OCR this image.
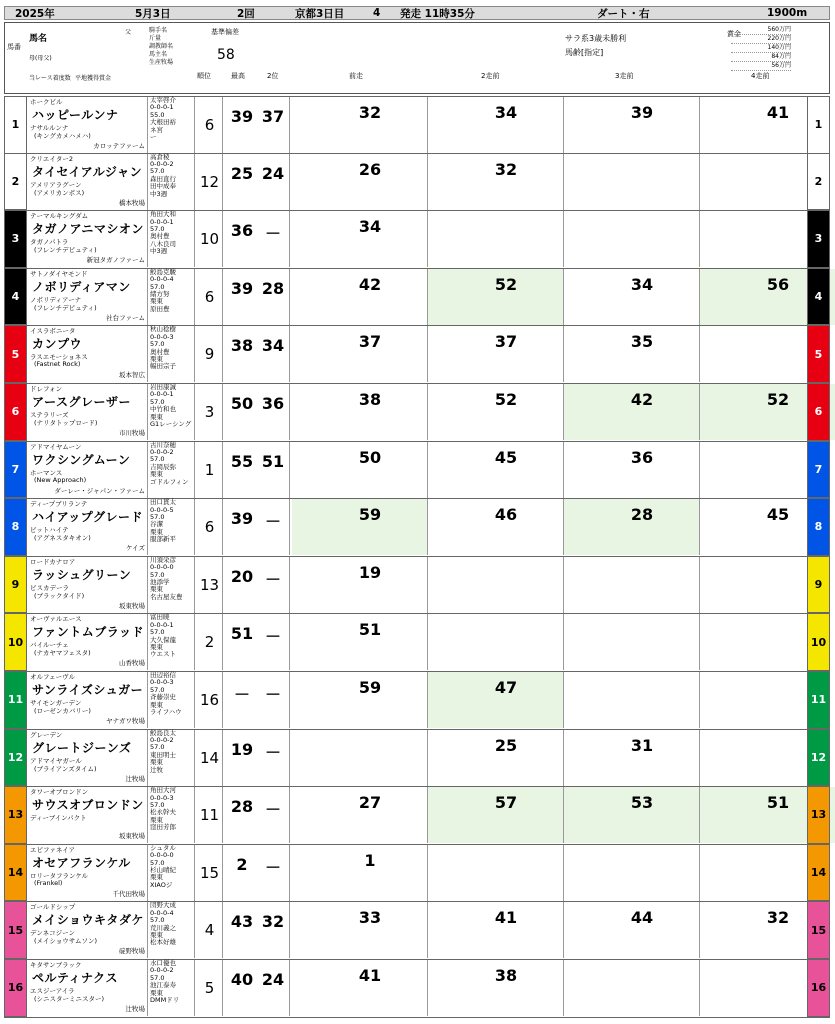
2025年	5月3日	2回	京都3日目	4 発走 11時35分	ダート・右	1900m
馬番
馬名
父
母(母父)
当レース着度数 平地獲得賞金
騎手名
斤量
調教師名
馬主名
生産牧場
順位
基準偏差
58
最高	2位	前走	2走前	3走前	4走前
サラ系3歳未勝利
馬齢[指定]
賞金
560万円
220万円
140万円
84万円
56万円
1
ホークビル
ハッピールンナ
ナサルルンナ
(キングカメハメハ)
カロッテファーム
太宰啓介
0-0-0-1
55.0
大根田裕
ネ宮
ー
6	39 37	32	34	39	41
1
2
クリエイター2
タイセイアルジャン
アメリアラグーン
(アメリカンボス)
橋本牧場
高倉稜
0-0-0-2
57.0
森田直行
田中成奉
中3週
12 25 24	26	32
2
3
テーマルキングダム
タガノアニマシオン
タガノパトラ
(フレンチデピュティ)
新冠タガノファーム
角田大和
0-0-0-1
57.0
奥村豊
八木良司
中3週
10 36 －	34
3
4
サトノダイヤモンド
ノボリディアマン
ノボリディアーナ
(フレンチデピュティ)
社台ファーム
鮫島克駿
0-0-0-4
57.0
緒方努
栗東
原田豊
6	39 28	42	52	34	56
4
5
イスラボニータ
カンプウ
ラスエモーショネス
(Fastnet Rock)
坂本智広
秋山稔樹
0-0-0-3
57.0
奥村豊
栗東
幅田宗子
9	38 34	37	37	35
5
6
ドレフォン
アースグレーザー
ステラリーズ
(ナリタトップロード)
市川牧場
岩田康誠
0-0-0-1
57.0
中竹和也
栗東
G1レーシング
3	50 36	38	52	42	52
6
7
アドマイヤムーン
ワクシングムーン
ホーマンス
(New Approach)
ダーレー・ジャパン・ファーム
古川奈穂
0-0-0-2
57.0
吉岡辰弥
栗東
ゴドルフィン
1	55 51	50	45	36
7
8
ディープブリランテ
ハイアップグレード
ビットハイテ
(アグネスタキオン)
ケイズ
田口貫太
0-0-0-5
57.0
谷潔
栗東
服部新平
6	39 －	59	46	28	45
8
9
ロードカナロア
ラッシュグリーン
ビスカデーラ
(ブラックタイド)
坂東牧場
川須栄彦
0-0-0-0
57.0
池添学
栗東
名古屋友豊
13 20 －	19
9
10
オーヴァルエース
ファントムブラッド
バイルーチェ
(ナカヤマフェスタ)
山香牧場
富田暁
0-0-0-1
57.0
大久保龍
栗東
ウエスト
2	51 －	51
10
11
オルフェーヴル
サンライズシュガー
サイモンガーデン
(ローゼンカバリー)
ヤナガワ牧場
田辺裕信
0-0-0-3
57.0
斉藤崇史
栗東
ライフハウ
16 － －	59	47
11
12
グレーデン
グレートジーンズ
アドマイヤガール
(ブライアンズタイム)
辻牧場
鮫島良太
0-0-0-2
57.0
東田明士
栗東
辻牧
14 19 －	25	31
12
13
タワーオブロンドン
サウスオブロンドン
ディーブインパクト
坂東牧場
角田大河
0-0-0-3
57.0
松永幹夫
栗東
窪田芳郎
11 28 －	27	57	53	51
13
14
エピファネイア
オセアフランケル
ロリータフランケル
(Frankel)
千代田牧場
シュタル
0-0-0-0
57.0
杉山晴紀
栗東
XIAOジ
15	2	－	1
14
15
ゴールドシップ
メイショウキタダケ
デンネコジーン
(メイショウサムソン)
碇野牧場
団野大成
0-0-0-4
57.0
荒川義之
栗東
松本好雄
4	43 32	33	41	44	32
15
16
キタサンブラック
ペルティナクス
エスジーアイラ
(シニスターミニスター)
辻牧場
水口優也
0-0-0-2
57.0
池江泰寿
栗東
DMMドリ
5	40 24	41	38
16
